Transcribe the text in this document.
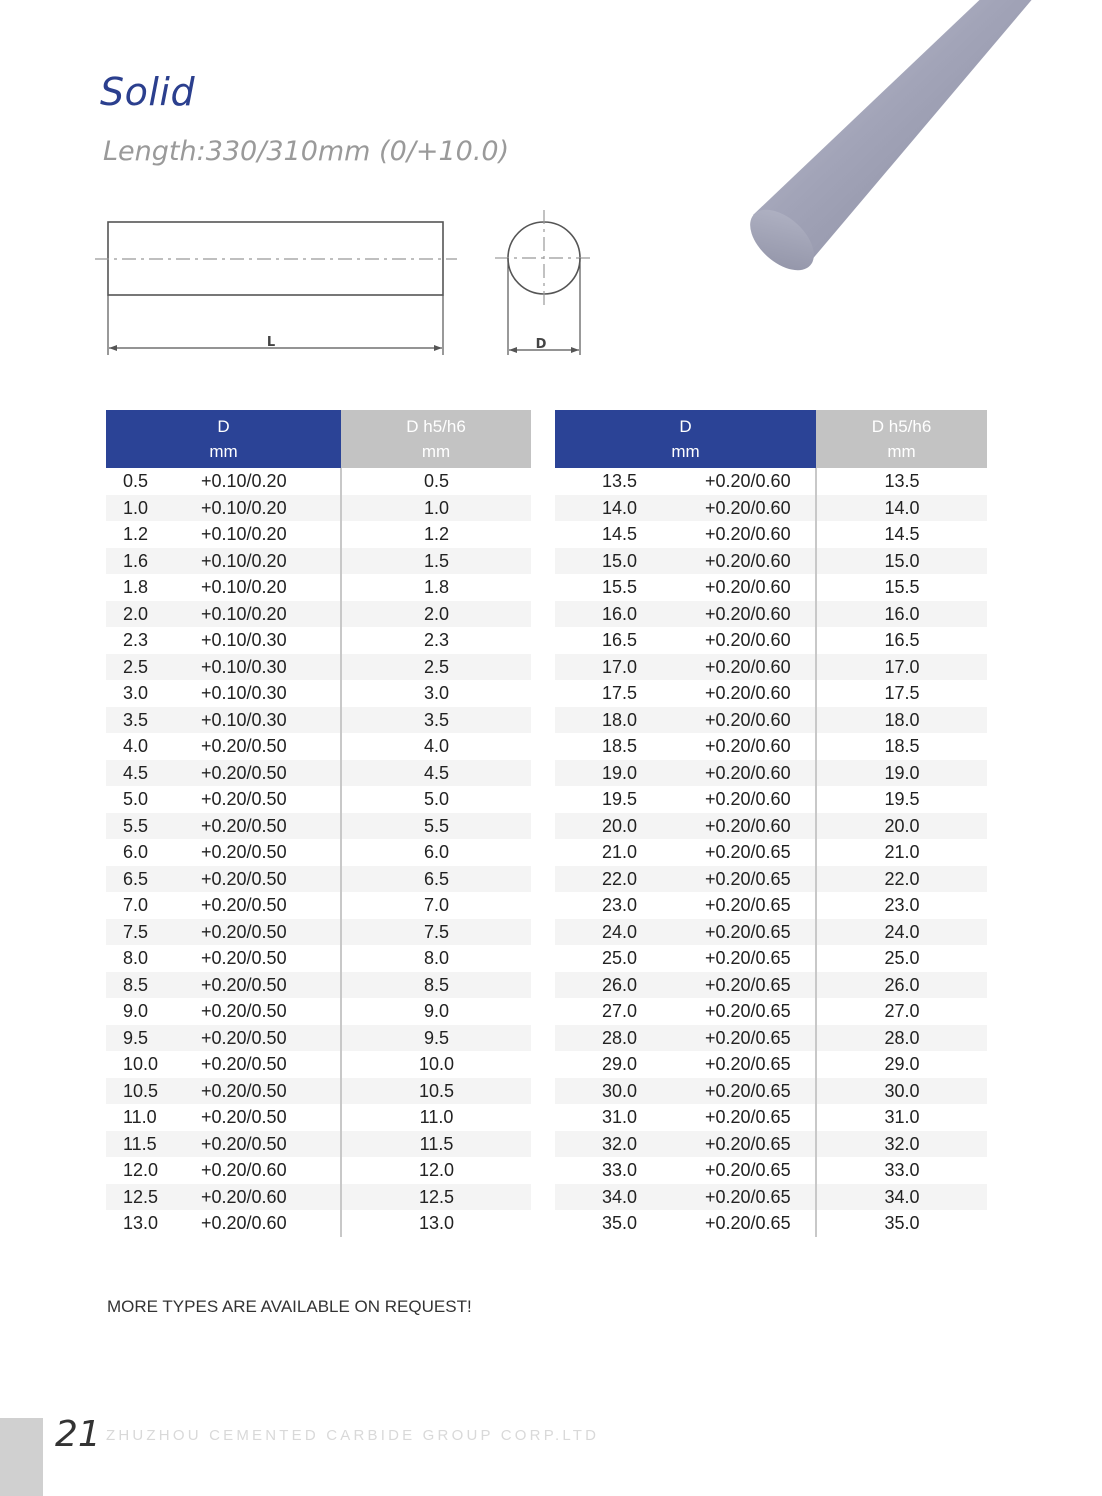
Solid
Length:330/310mm (0/+10.0)
L	D
D
mm		D h5/h6
mm

0.5	+0.10/0.20	0.5
1.0	+0.10/0.20	1.0
1.2	+0.10/0.20	1.2
1.6	+0.10/0.20	1.5
1.8	+0.10/0.20	1.8
2.0	+0.10/0.20	2.0
2.3	+0.10/0.30	2.3
2.5	+0.10/0.30	2.5
3.0	+0.10/0.30	3.0
3.5	+0.10/0.30	3.5
4.0	+0.20/0.50	4.0
4.5	+0.20/0.50	4.5
5.0	+0.20/0.50	5.0
5.5	+0.20/0.50	5.5
6.0	+0.20/0.50	6.0
6.5	+0.20/0.50	6.5
7.0	+0.20/0.50	7.0
7.5	+0.20/0.50	7.5
8.0	+0.20/0.50	8.0
8.5	+0.20/0.50	8.5
9.0	+0.20/0.50	9.0
9.5	+0.20/0.50	9.5
10.0	+0.20/0.50	10.0
10.5	+0.20/0.50	10.5
11.0	+0.20/0.50	11.0
11.5	+0.20/0.50	11.5
12.0	+0.20/0.60	12.0
12.5	+0.20/0.60	12.5
13.0	+0.20/0.60	13.0
D
mm		D h5/h6
mm

13.5	+0.20/0.60	13.5
14.0	+0.20/0.60	14.0
14.5	+0.20/0.60	14.5
15.0	+0.20/0.60	15.0
15.5	+0.20/0.60	15.5
16.0	+0.20/0.60	16.0
16.5	+0.20/0.60	16.5
17.0	+0.20/0.60	17.0
17.5	+0.20/0.60	17.5
18.0	+0.20/0.60	18.0
18.5	+0.20/0.60	18.5
19.0	+0.20/0.60	19.0
19.5	+0.20/0.60	19.5
20.0	+0.20/0.60	20.0
21.0	+0.20/0.65	21.0
22.0	+0.20/0.65	22.0
23.0	+0.20/0.65	23.0
24.0	+0.20/0.65	24.0
25.0	+0.20/0.65	25.0
26.0	+0.20/0.65	26.0
27.0	+0.20/0.65	27.0
28.0	+0.20/0.65	28.0
29.0	+0.20/0.65	29.0
30.0	+0.20/0.65	30.0
31.0	+0.20/0.65	31.0
32.0	+0.20/0.65	32.0
33.0	+0.20/0.65	33.0
34.0	+0.20/0.65	34.0
35.0	+0.20/0.65	35.0

MORE TYPES ARE AVAILABLE ON REQUEST!

21 ZHUZHOU CEMENTED CARBIDE GROUP CORP.LTD
